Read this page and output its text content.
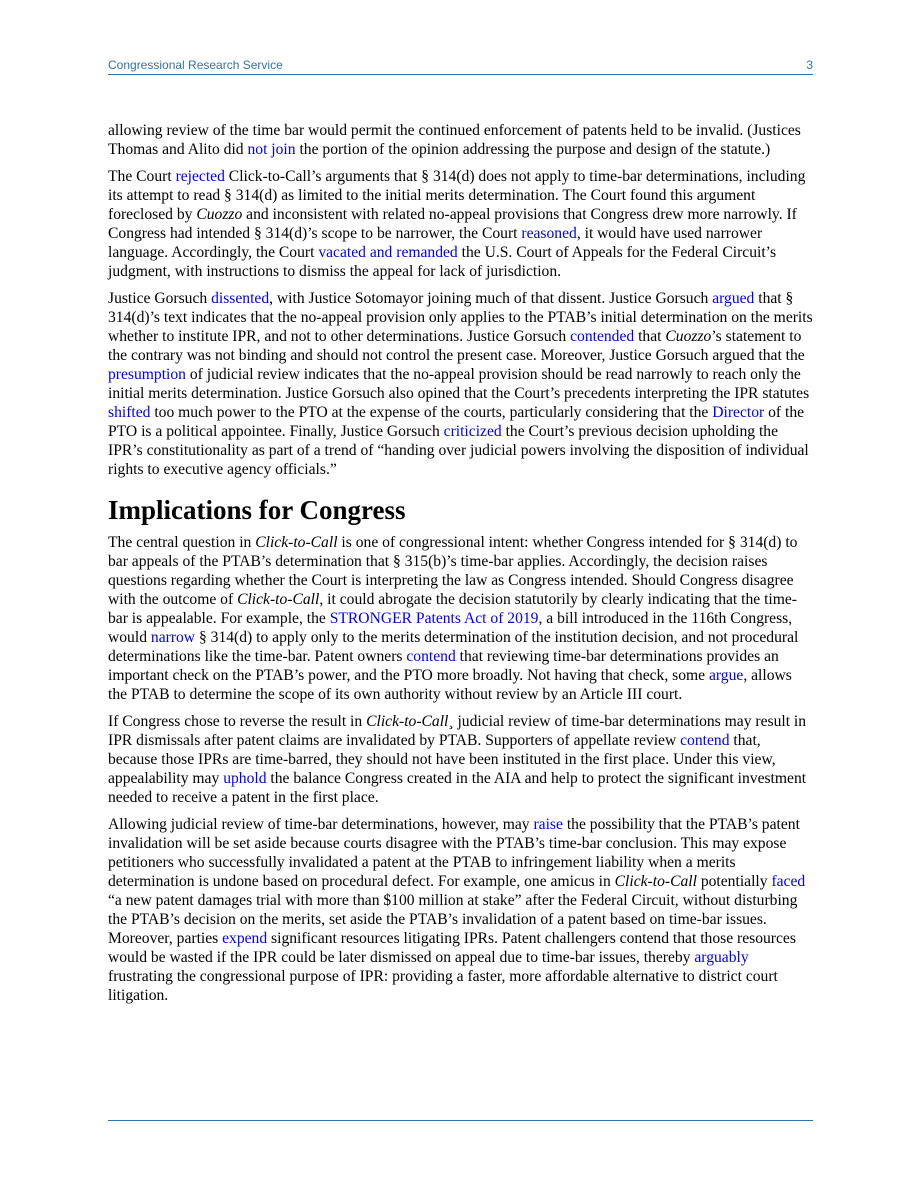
Congressional Research Service	3

allowing review of the time bar would permit the continued enforcement of patents held to be invalid. (Justices Thomas and Alito did not join the portion of the opinion addressing the purpose and design of the statute.)

The Court rejected Click-to-Call’s arguments that § 314(d) does not apply to time-bar determinations, including its attempt to read § 314(d) as limited to the initial merits determination. The Court found this argument foreclosed by Cuozzo and inconsistent with related no-appeal provisions that Congress drew more narrowly. If Congress had intended § 314(d)’s scope to be narrower, the Court reasoned, it would have used narrower language. Accordingly, the Court vacated and remanded the U.S. Court of Appeals for the Federal Circuit’s judgment, with instructions to dismiss the appeal for lack of jurisdiction.

Justice Gorsuch dissented, with Justice Sotomayor joining much of that dissent. Justice Gorsuch argued that § 314(d)’s text indicates that the no-appeal provision only applies to the PTAB’s initial determination on the merits whether to institute IPR, and not to other determinations. Justice Gorsuch contended that Cuozzo’s statement to the contrary was not binding and should not control the present case. Moreover, Justice Gorsuch argued that the presumption of judicial review indicates that the no-appeal provision should be read narrowly to reach only the initial merits determination. Justice Gorsuch also opined that the Court’s precedents interpreting the IPR statutes shifted too much power to the PTO at the expense of the courts, particularly considering that the Director of the PTO is a political appointee. Finally, Justice Gorsuch criticized the Court’s previous decision upholding the IPR’s constitutionality as part of a trend of “handing over judicial powers involving the disposition of individual rights to executive agency officials.”

Implications for Congress

The central question in Click-to-Call is one of congressional intent: whether Congress intended for § 314(d) to bar appeals of the PTAB’s determination that § 315(b)’s time-bar applies. Accordingly, the decision raises questions regarding whether the Court is interpreting the law as Congress intended. Should Congress disagree with the outcome of Click-to-Call, it could abrogate the decision statutorily by clearly indicating that the time-bar is appealable. For example, the STRONGER Patents Act of 2019, a bill introduced in the 116th Congress, would narrow § 314(d) to apply only to the merits determination of the institution decision, and not procedural determinations like the time-bar. Patent owners contend that reviewing time-bar determinations provides an important check on the PTAB’s power, and the PTO more broadly. Not having that check, some argue, allows the PTAB to determine the scope of its own authority without review by an Article III court.

If Congress chose to reverse the result in Click-to-Call¸ judicial review of time-bar determinations may result in IPR dismissals after patent claims are invalidated by PTAB. Supporters of appellate review contend that, because those IPRs are time-barred, they should not have been instituted in the first place. Under this view, appealability may uphold the balance Congress created in the AIA and help to protect the significant investment needed to receive a patent in the first place.

Allowing judicial review of time-bar determinations, however, may raise the possibility that the PTAB’s patent invalidation will be set aside because courts disagree with the PTAB’s time-bar conclusion. This may expose petitioners who successfully invalidated a patent at the PTAB to infringement liability when a merits determination is undone based on procedural defect. For example, one amicus in Click-to-Call potentially faced “a new patent damages trial with more than $100 million at stake” after the Federal Circuit, without disturbing the PTAB’s decision on the merits, set aside the PTAB’s invalidation of a patent based on time-bar issues. Moreover, parties expend significant resources litigating IPRs. Patent challengers contend that those resources would be wasted if the IPR could be later dismissed on appeal due to time-bar issues, thereby arguably frustrating the congressional purpose of IPR: providing a faster, more affordable alternative to district court litigation.
